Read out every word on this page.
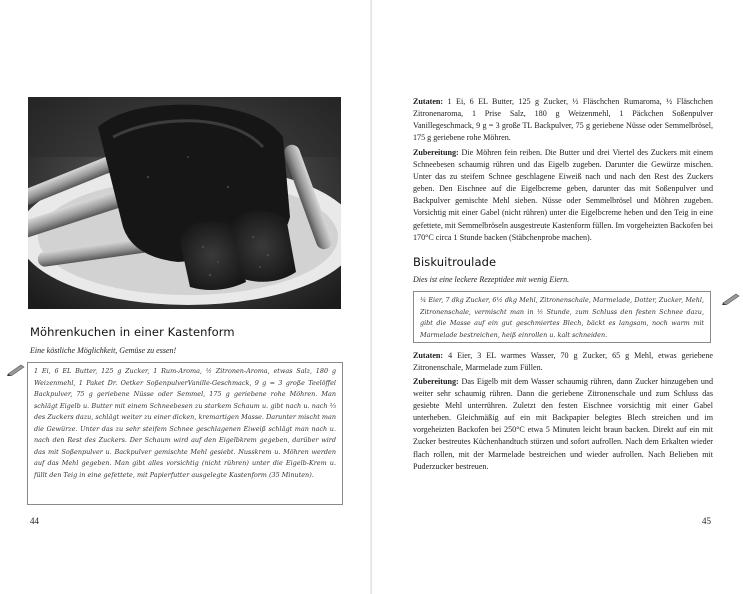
Möhrenkuchen in einer Kastenform

Eine köstliche Möglichkeit, Gemüse zu essen!

1 Ei, 6 EL Butter, 125 g Zucker, 1 Rum-Aroma, ½ Zitronen-Aroma, etwas Salz, 180 g Weizenmehl, 1 Paket Dr. Oetker SoßenpulverVanille-Geschmack, 9 g = 3 große Teelöffel Backpulver, 75 g geriebene Nüsse oder Semmel, 175 g geriebene rohe Möhren. Man schlägt Eigelb u. Butter mit einem Schneebesen zu starkem Schaum u. gibt nach u. nach ⅔ des Zuckers dazu, schlägt weiter zu einer dicken, kremartigen Masse. Darunter mischt man die Gewürze. Unter das zu sehr steifem Schnee geschlagenen Eiweiß schlägt man nach u. nach den Rest des Zuckers. Der Schaum wird auf den Eigelbkrem gegeben, darüber wird das mit Soßenpulver u. Backpulver gemischte Mehl gesiebt. Nusskrem u. Möhren werden auf das Mehl gegeben. Man gibt alles vorsichtig (nicht rühren) unter die Eigelb-Krem u. füllt den Teig in eine gefettete, mit Papierfutter ausgelegte Kastenform (35 Minuten).
44

Zutaten: 1 Ei, 6 EL Butter, 125 g Zucker, ½ Fläschchen Rumaroma, ½ Fläschchen Zitronenaroma, 1 Prise Salz, 180 g Weizenmehl, 1 Päckchen Soßenpulver Vanillegeschmack, 9 g = 3 große TL Backpulver, 75 g geriebene Nüsse oder Semmelbrösel, 175 g geriebene rohe Möhren.

Zubereitung: Die Möhren fein reiben. Die Butter und drei Viertel des Zuckers mit einem Schneebesen schaumig rühren und das Eigelb zugeben. Darunter die Gewürze mischen. Unter das zu steifem Schnee geschlagene Eiweiß nach und nach den Rest des Zuckers geben. Den Eischnee auf die Eigelbcreme geben, darunter das mit Soßenpulver und Backpulver gemischte Mehl sieben. Nüsse oder Semmelbrösel und Möhren zugeben. Vorsichtig mit einer Gabel (nicht rühren) unter die Eigelbcreme heben und den Teig in eine gefettete, mit Semmelbröseln ausgestreute Kastenform füllen. Im vorgeheizten Backofen bei 170°C circa 1 Stunde backen (Stäbchenprobe machen).

Biskuitroulade

Dies ist eine leckere Rezeptidee mit wenig Eiern.

¼ Eier, 7 dkg Zucker, 6½ dkg Mehl, Zitronenschale, Marmelade, Dotter, Zucker, Mehl, Zitronenschale, vermischt man in ½ Stunde, zum Schluss den festen Schnee dazu, gibt die Masse auf ein gut geschmiertes Blech, bäckt es langsam, noch warm mit Marmelade bestreichen, heiß einrollen u. kalt schneiden.

Zutaten: 4 Eier, 3 EL warmes Wasser, 70 g Zucker, 65 g Mehl, etwas geriebene Zitronenschale, Marmelade zum Füllen.

Zubereitung: Das Eigelb mit dem Wasser schaumig rühren, dann Zucker hinzugeben und weiter sehr schaumig rühren. Dann die geriebene Zitronenschale und zum Schluss das gesiebte Mehl unterrühren. Zuletzt den festen Eischnee vorsichtig mit einer Gabel unterheben. Gleichmäßig auf ein mit Backpapier belegtes Blech streichen und im vorgeheizten Backofen bei 250°C etwa 5 Minuten leicht braun backen. Direkt auf ein mit Zucker bestreutes Küchenhandtuch stürzen und sofort aufrollen. Nach dem Erkalten wieder flach rollen, mit der Marmelade bestreichen und wieder aufrollen. Nach Belieben mit Puderzucker bestreuen.

45
